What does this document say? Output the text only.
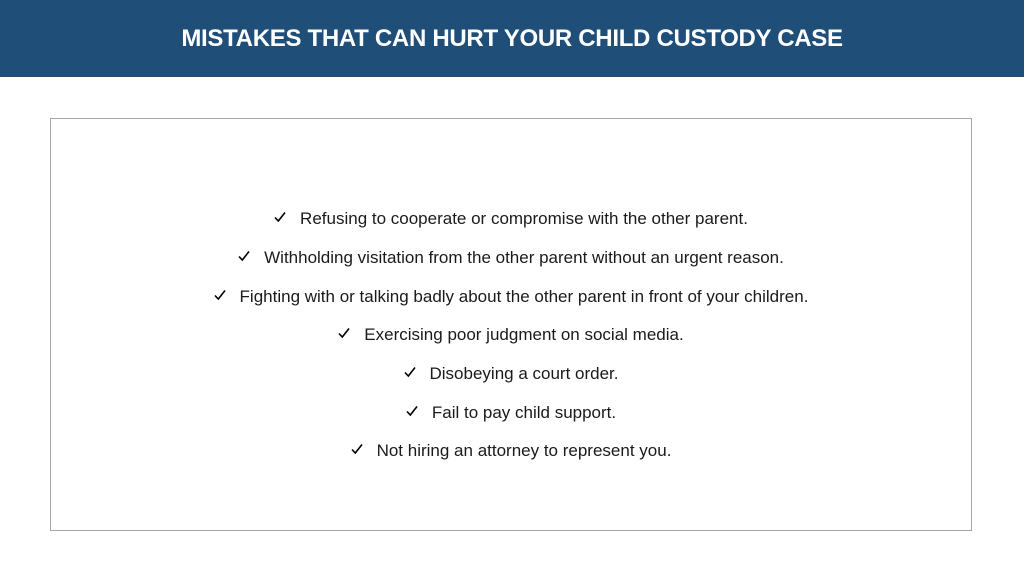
MISTAKES THAT CAN HURT YOUR CHILD CUSTODY CASE
Refusing to cooperate or compromise with the other parent.
Withholding visitation from the other parent without an urgent reason.
Fighting with or talking badly about the other parent in front of your children.
Exercising poor judgment on social media.
Disobeying a court order.
Fail to pay child support.
Not hiring an attorney to represent you.
